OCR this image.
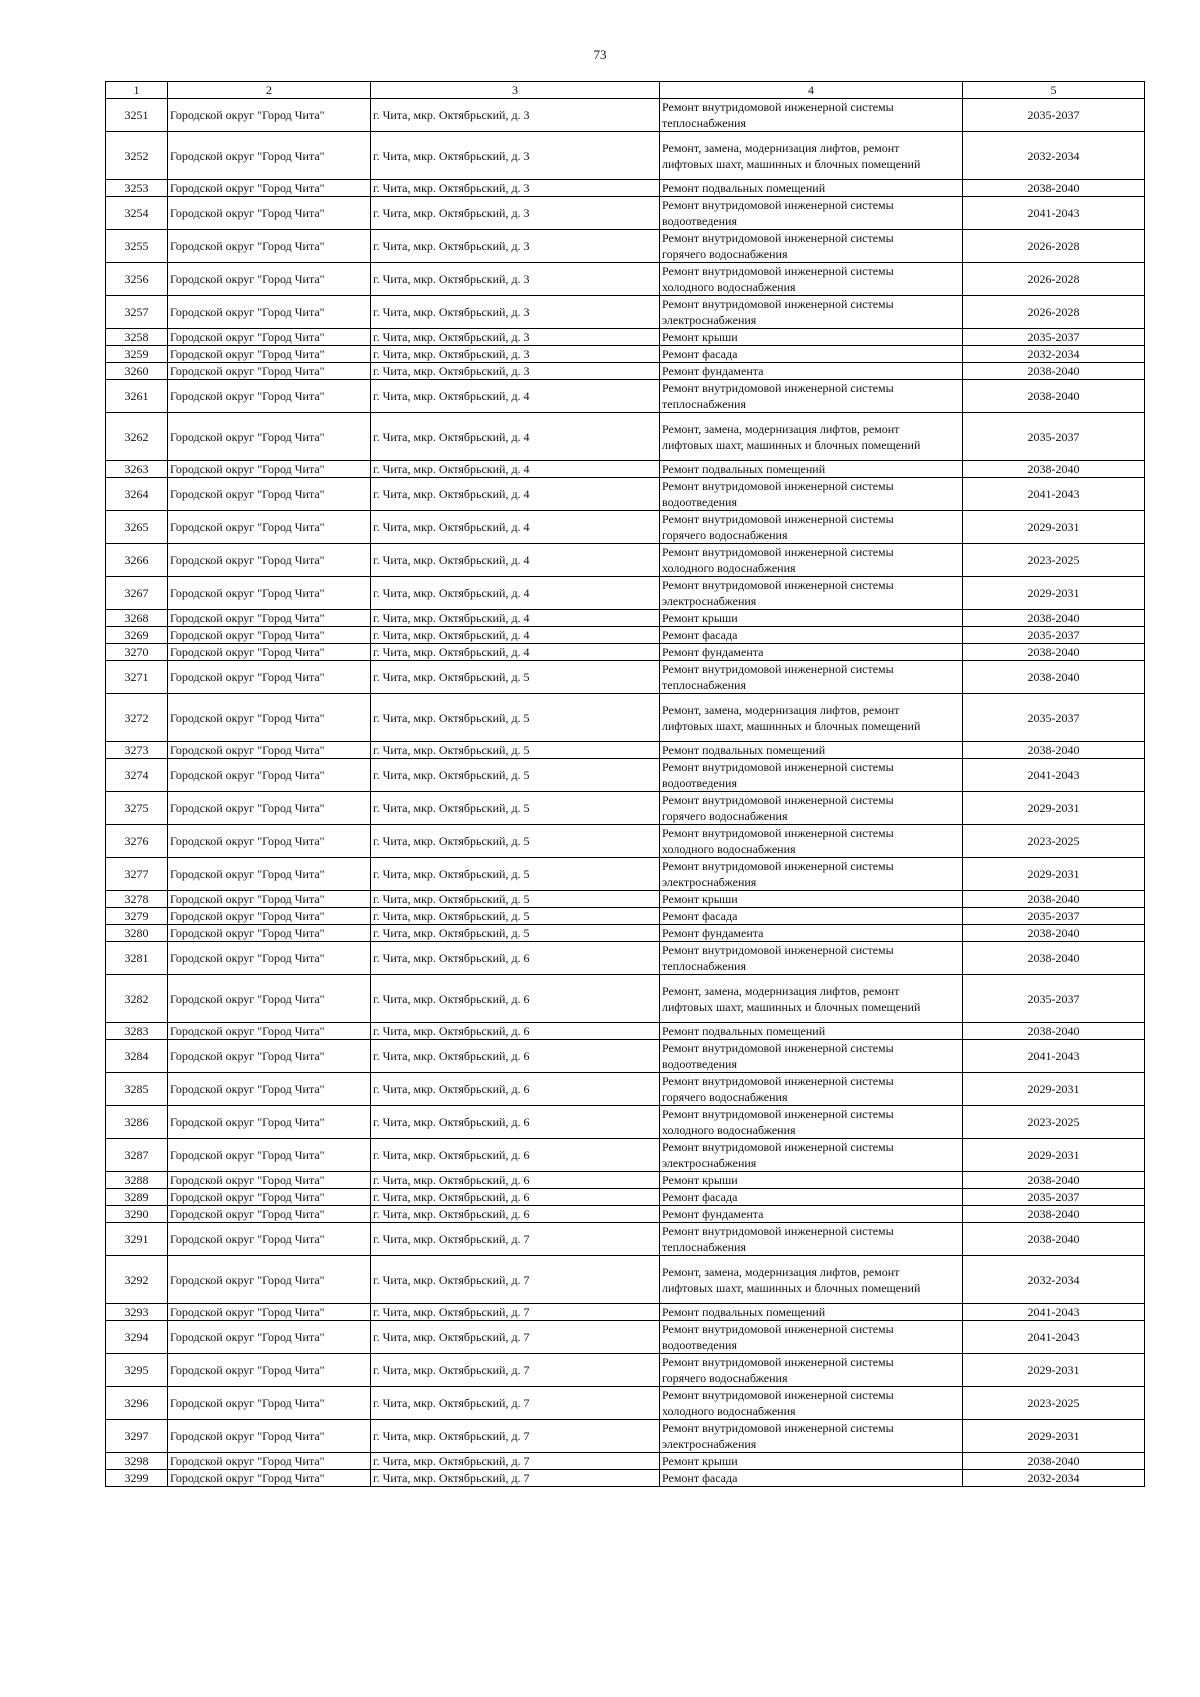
73
1	2	3	4	5
3251	Городской округ "Город Чита"	г. Чита, мкр. Октябрьский, д. 3	Ремонт внутридомовой инженерной системы
теплоснабжения	2035-2037
3252	Городской округ "Город Чита"	г. Чита, мкр. Октябрьский, д. 3	Ремонт, замена, модернизация лифтов, ремонт
лифтовых шахт, машинных и блочных помещений	2032-2034
3253	Городской округ "Город Чита"	г. Чита, мкр. Октябрьский, д. 3	Ремонт подвальных помещений	2038-2040
3254	Городской округ "Город Чита"	г. Чита, мкр. Октябрьский, д. 3	Ремонт внутридомовой инженерной системы
водоотведения	2041-2043
3255	Городской округ "Город Чита"	г. Чита, мкр. Октябрьский, д. 3	Ремонт внутридомовой инженерной системы
горячего водоснабжения	2026-2028
3256	Городской округ "Город Чита"	г. Чита, мкр. Октябрьский, д. 3	Ремонт внутридомовой инженерной системы
холодного водоснабжения	2026-2028
3257	Городской округ "Город Чита"	г. Чита, мкр. Октябрьский, д. 3	Ремонт внутридомовой инженерной системы
электроснабжения	2026-2028
3258	Городской округ "Город Чита"	г. Чита, мкр. Октябрьский, д. 3	Ремонт крыши	2035-2037
3259	Городской округ "Город Чита"	г. Чита, мкр. Октябрьский, д. 3	Ремонт фасада	2032-2034
3260	Городской округ "Город Чита"	г. Чита, мкр. Октябрьский, д. 3	Ремонт фундамента	2038-2040
3261	Городской округ "Город Чита"	г. Чита, мкр. Октябрьский, д. 4	Ремонт внутридомовой инженерной системы
теплоснабжения	2038-2040
3262	Городской округ "Город Чита"	г. Чита, мкр. Октябрьский, д. 4	Ремонт, замена, модернизация лифтов, ремонт
лифтовых шахт, машинных и блочных помещений	2035-2037
3263	Городской округ "Город Чита"	г. Чита, мкр. Октябрьский, д. 4	Ремонт подвальных помещений	2038-2040
3264	Городской округ "Город Чита"	г. Чита, мкр. Октябрьский, д. 4	Ремонт внутридомовой инженерной системы
водоотведения	2041-2043
3265	Городской округ "Город Чита"	г. Чита, мкр. Октябрьский, д. 4	Ремонт внутридомовой инженерной системы
горячего водоснабжения	2029-2031
3266	Городской округ "Город Чита"	г. Чита, мкр. Октябрьский, д. 4	Ремонт внутридомовой инженерной системы
холодного водоснабжения	2023-2025
3267	Городской округ "Город Чита"	г. Чита, мкр. Октябрьский, д. 4	Ремонт внутридомовой инженерной системы
электроснабжения	2029-2031
3268	Городской округ "Город Чита"	г. Чита, мкр. Октябрьский, д. 4	Ремонт крыши	2038-2040
3269	Городской округ "Город Чита"	г. Чита, мкр. Октябрьский, д. 4	Ремонт фасада	2035-2037
3270	Городской округ "Город Чита"	г. Чита, мкр. Октябрьский, д. 4	Ремонт фундамента	2038-2040
3271	Городской округ "Город Чита"	г. Чита, мкр. Октябрьский, д. 5	Ремонт внутридомовой инженерной системы
теплоснабжения	2038-2040
3272	Городской округ "Город Чита"	г. Чита, мкр. Октябрьский, д. 5	Ремонт, замена, модернизация лифтов, ремонт
лифтовых шахт, машинных и блочных помещений	2035-2037
3273	Городской округ "Город Чита"	г. Чита, мкр. Октябрьский, д. 5	Ремонт подвальных помещений	2038-2040
3274	Городской округ "Город Чита"	г. Чита, мкр. Октябрьский, д. 5	Ремонт внутридомовой инженерной системы
водоотведения	2041-2043
3275	Городской округ "Город Чита"	г. Чита, мкр. Октябрьский, д. 5	Ремонт внутридомовой инженерной системы
горячего водоснабжения	2029-2031
3276	Городской округ "Город Чита"	г. Чита, мкр. Октябрьский, д. 5	Ремонт внутридомовой инженерной системы
холодного водоснабжения	2023-2025
3277	Городской округ "Город Чита"	г. Чита, мкр. Октябрьский, д. 5	Ремонт внутридомовой инженерной системы
электроснабжения	2029-2031
3278	Городской округ "Город Чита"	г. Чита, мкр. Октябрьский, д. 5	Ремонт крыши	2038-2040
3279	Городской округ "Город Чита"	г. Чита, мкр. Октябрьский, д. 5	Ремонт фасада	2035-2037
3280	Городской округ "Город Чита"	г. Чита, мкр. Октябрьский, д. 5	Ремонт фундамента	2038-2040
3281	Городской округ "Город Чита"	г. Чита, мкр. Октябрьский, д. 6	Ремонт внутридомовой инженерной системы
теплоснабжения	2038-2040
3282	Городской округ "Город Чита"	г. Чита, мкр. Октябрьский, д. 6	Ремонт, замена, модернизация лифтов, ремонт
лифтовых шахт, машинных и блочных помещений	2035-2037
3283	Городской округ "Город Чита"	г. Чита, мкр. Октябрьский, д. 6	Ремонт подвальных помещений	2038-2040
3284	Городской округ "Город Чита"	г. Чита, мкр. Октябрьский, д. 6	Ремонт внутридомовой инженерной системы
водоотведения	2041-2043
3285	Городской округ "Город Чита"	г. Чита, мкр. Октябрьский, д. 6	Ремонт внутридомовой инженерной системы
горячего водоснабжения	2029-2031
3286	Городской округ "Город Чита"	г. Чита, мкр. Октябрьский, д. 6	Ремонт внутридомовой инженерной системы
холодного водоснабжения	2023-2025
3287	Городской округ "Город Чита"	г. Чита, мкр. Октябрьский, д. 6	Ремонт внутридомовой инженерной системы
электроснабжения	2029-2031
3288	Городской округ "Город Чита"	г. Чита, мкр. Октябрьский, д. 6	Ремонт крыши	2038-2040
3289	Городской округ "Город Чита"	г. Чита, мкр. Октябрьский, д. 6	Ремонт фасада	2035-2037
3290	Городской округ "Город Чита"	г. Чита, мкр. Октябрьский, д. 6	Ремонт фундамента	2038-2040
3291	Городской округ "Город Чита"	г. Чита, мкр. Октябрьский, д. 7	Ремонт внутридомовой инженерной системы
теплоснабжения	2038-2040
3292	Городской округ "Город Чита"	г. Чита, мкр. Октябрьский, д. 7	Ремонт, замена, модернизация лифтов, ремонт
лифтовых шахт, машинных и блочных помещений	2032-2034
3293	Городской округ "Город Чита"	г. Чита, мкр. Октябрьский, д. 7	Ремонт подвальных помещений	2041-2043
3294	Городской округ "Город Чита"	г. Чита, мкр. Октябрьский, д. 7	Ремонт внутридомовой инженерной системы
водоотведения	2041-2043
3295	Городской округ "Город Чита"	г. Чита, мкр. Октябрьский, д. 7	Ремонт внутридомовой инженерной системы
горячего водоснабжения	2029-2031
3296	Городской округ "Город Чита"	г. Чита, мкр. Октябрьский, д. 7	Ремонт внутридомовой инженерной системы
холодного водоснабжения	2023-2025
3297	Городской округ "Город Чита"	г. Чита, мкр. Октябрьский, д. 7	Ремонт внутридомовой инженерной системы
электроснабжения	2029-2031
3298	Городской округ "Город Чита"	г. Чита, мкр. Октябрьский, д. 7	Ремонт крыши	2038-2040
3299	Городской округ "Город Чита"	г. Чита, мкр. Октябрьский, д. 7	Ремонт фасада	2032-2034
